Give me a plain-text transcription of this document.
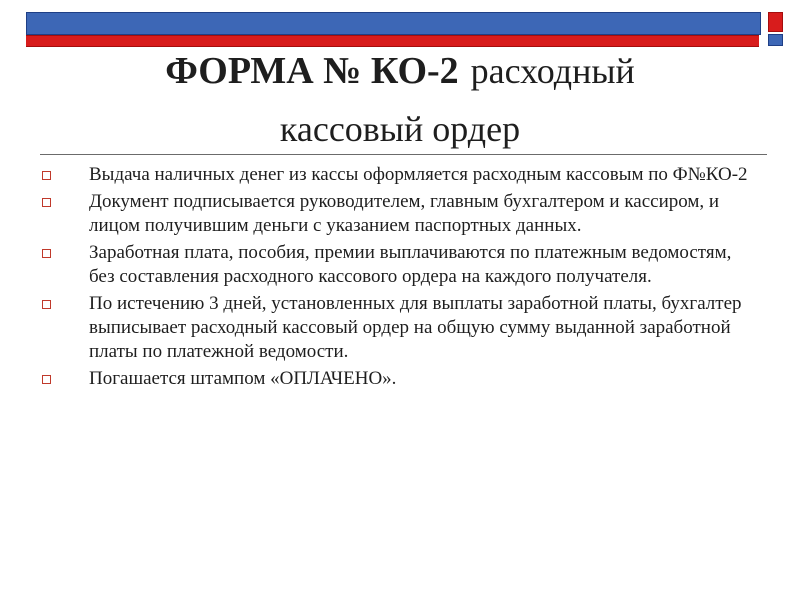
ФОРМА № КО-2 расходный
кассовый ордер
Выдача наличных денег из кассы оформляется расходным кассовым по Ф№КО-2
Документ подписывается руководителем, главным бухгалтером и кассиром, и лицом получившим деньги с указанием паспортных данных.
Заработная плата, пособия, премии выплачиваются по платежным ведомостям, без составления расходного кассового ордера на каждого получателя.
По истечению 3 дней, установленных для выплаты заработной платы, бухгалтер выписывает расходный кассовый ордер на общую сумму выданной заработной платы по платежной ведомости.
Погашается штампом «ОПЛАЧЕНО».
